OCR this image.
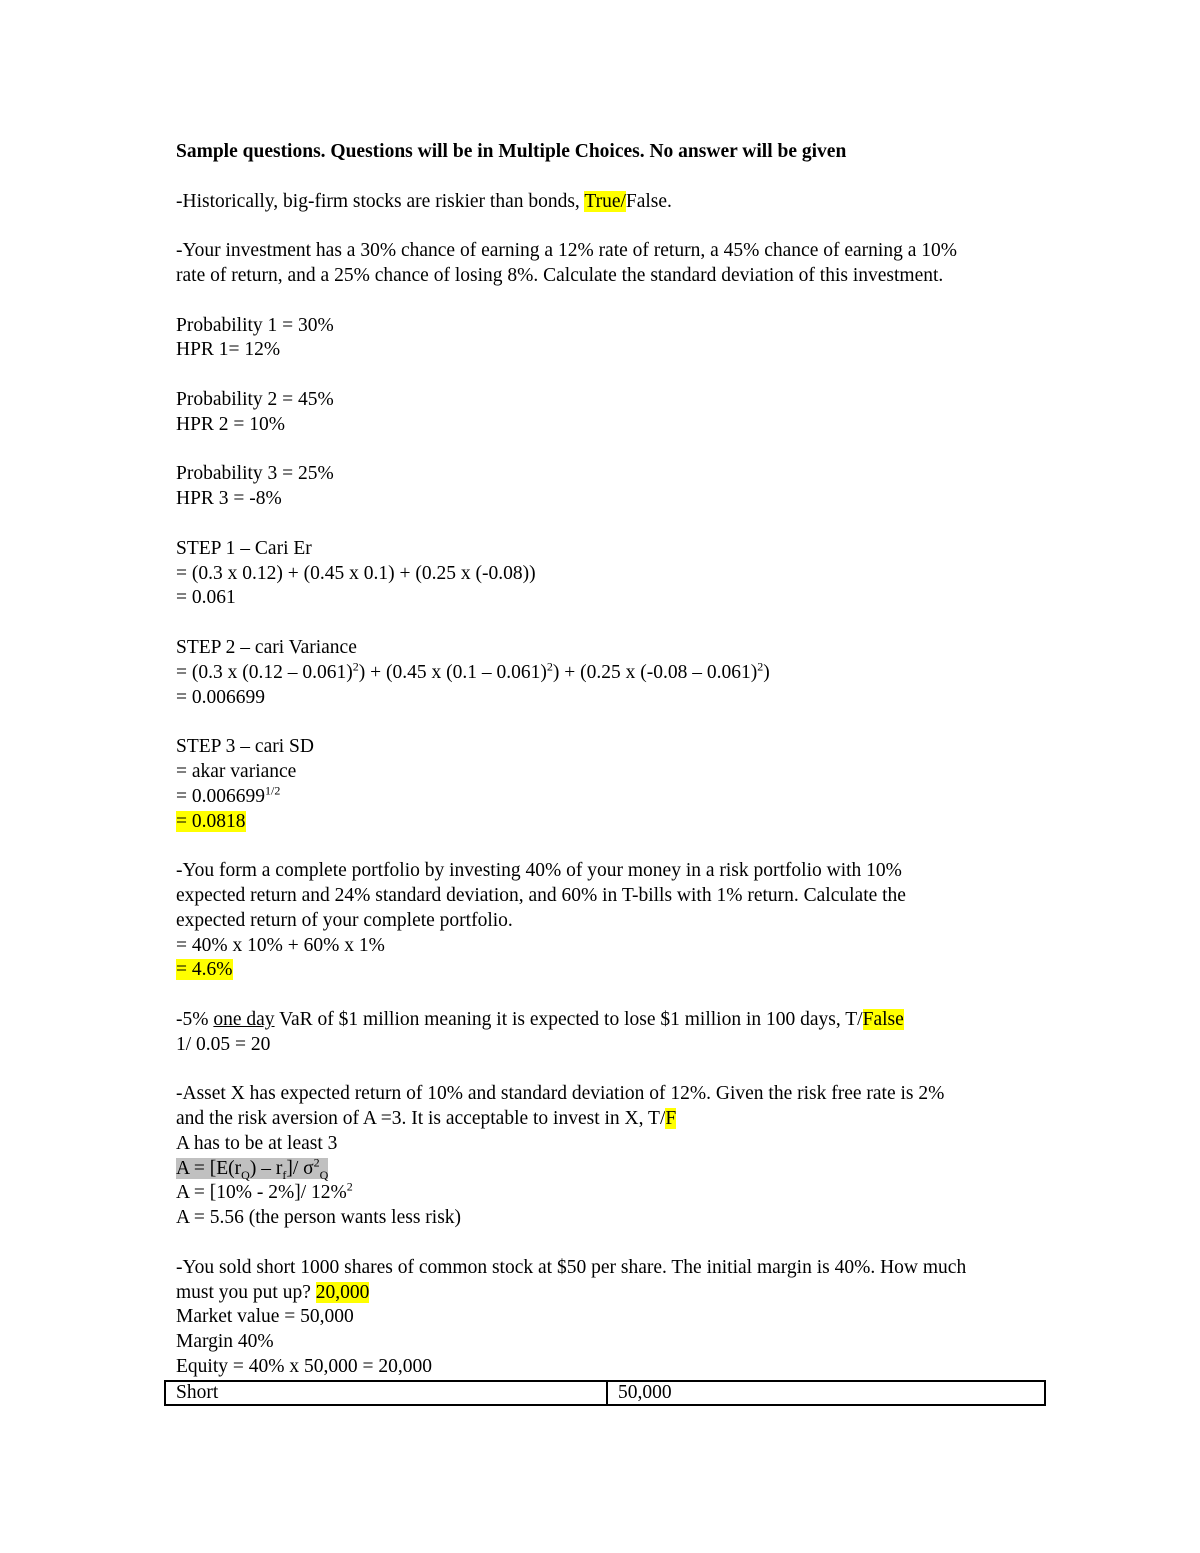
Sample questions. Questions will be in Multiple Choices. No answer will be given
-Historically, big-firm stocks are riskier than bonds, True/False.
-Your investment has a 30% chance of earning a 12% rate of return, a 45% chance of earning a 10%
rate of return, and a 25% chance of losing 8%. Calculate the standard deviation of this investment.
Probability 1 = 30%
HPR 1= 12%
Probability 2 = 45%
HPR 2 = 10%
Probability 3 = 25%
HPR 3 = -8%
STEP 1 – Cari Er
= (0.3 x 0.12) + (0.45 x 0.1) + (0.25 x (-0.08))
= 0.061
STEP 2 – cari Variance
= (0.3 x (0.12 – 0.061)$^2$) + (0.45 x (0.1 – 0.061)$^2$) + (0.25 x (-0.08 – 0.061)$^2$)
= 0.006699
STEP 3 – cari SD
= akar variance
= $0.006699^{1/2}$
= 0.0818
-You form a complete portfolio by investing 40% of your money in a risk portfolio with 10%
expected return and 24% standard deviation, and 60% in T-bills with 1% return. Calculate the
expected return of your complete portfolio.
= 40% x 10% + 60% x 1%
= 4.6%
-5% one day VaR of $1 million meaning it is expected to lose $1 million in 100 days, T/False
1/ 0.05 = 20
-Asset X has expected return of 10% and standard deviation of 12%. Given the risk free rate is 2%
and the risk aversion of A =3. It is acceptable to invest in X, T/F
A has to be at least 3
$A = [E(r_Q) - r_f]/$ $\sigma^2_Q$
A = [10% - 2%]/ 12%$^2$
A = 5.56 (the person wants less risk)
-You sold short 1000 shares of common stock at $50 per share. The initial margin is 40%. How much
must you put up? 20,000
Market value = 50,000
Margin 40%
Equity = 40% x 50,000 = 20,000
Short	50,000
